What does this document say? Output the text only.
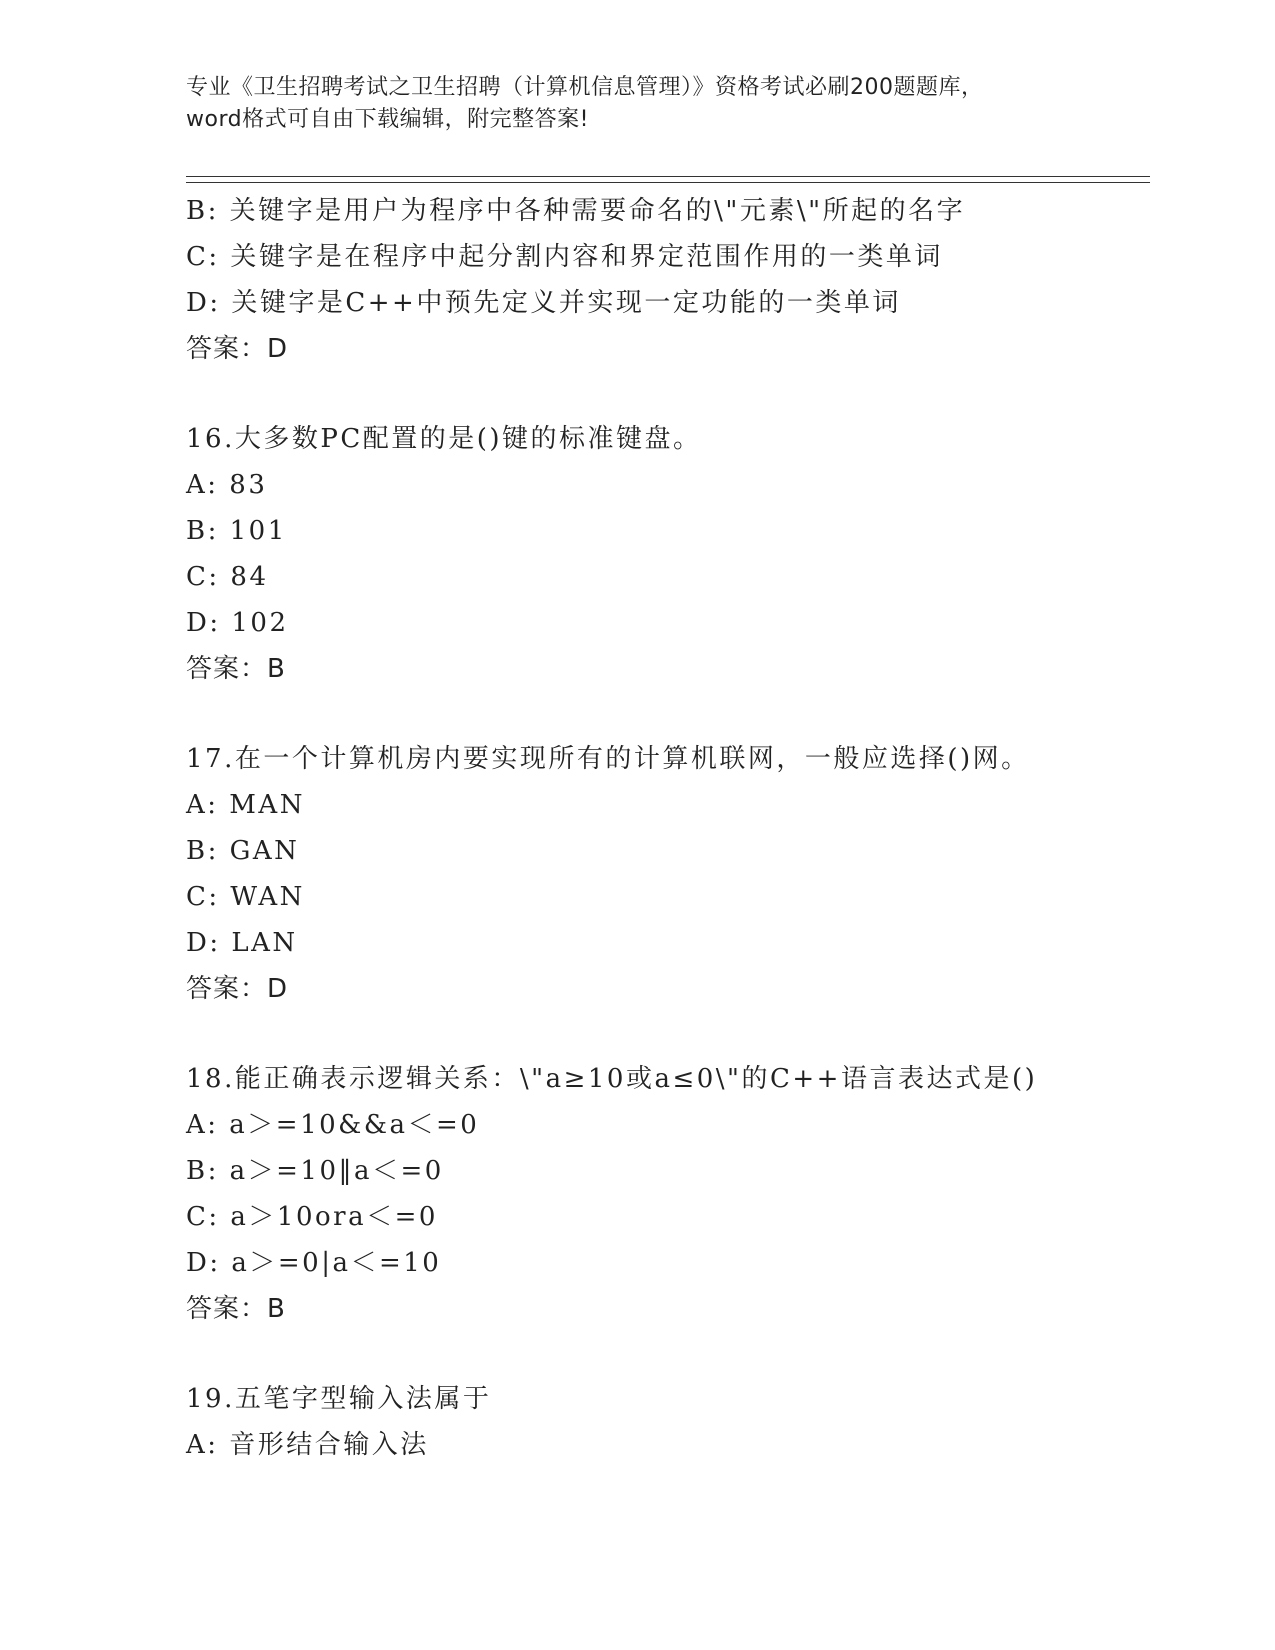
专业《卫生招聘考试之卫生招聘（计算机信息管理）》资格考试必刷200题题库，
word格式可自由下载编辑，附完整答案!
B: 关键字是用户为程序中各种需要命名的\"元素\"所起的名字
C: 关键字是在程序中起分割内容和界定范围作用的一类单词
D: 关键字是C++中预先定义并实现一定功能的一类单词
答案：D
16.大多数PC配置的是()键的标准键盘。
A: 83
B: 101
C: 84
D: 102
答案：B
17.在一个计算机房内要实现所有的计算机联网，一般应选择()网。
A: MAN
B: GAN
C: WAN
D: LAN
答案：D
18.能正确表示逻辑关系：\"a≥10或a≤0\"的C++语言表达式是()
A: a＞=10&&a＜=0
B: a＞=10‖a＜=0
C: a＞10ora＜=0
D: a＞=0|a＜=10
答案：B
19.五笔字型输入法属于
A: 音形结合输入法
